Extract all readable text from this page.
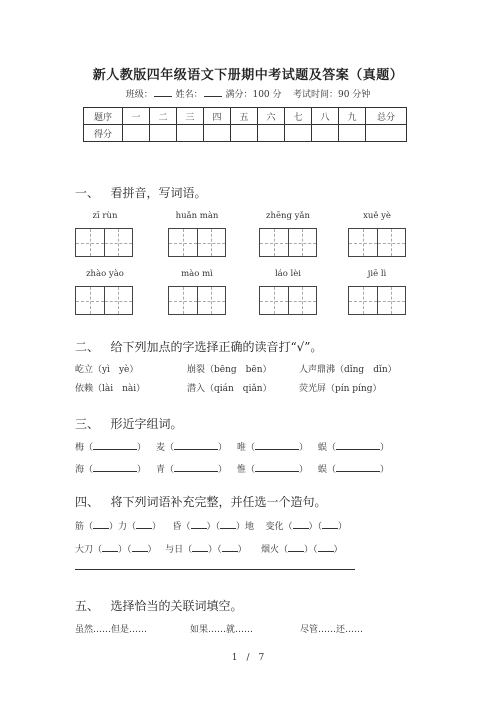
新人教版四年级语文下册期中考试题及答案（真题）
班级：	姓名：	满分：100 分 考试时间：90 分钟
题序	一	二	三	四	五	六	七	八	九	总分
得分										
一、 看拼音，写词语。
zī rùn	huǎn màn	zhēng yǎn	xuě yè
zhào yào	mào mì	láo lèi	jiē lì
二、 给下列加点的字选择正确的读音打“√”。
屹立（yì　yè）	崩裂（bēng　bēn）	人声鼎沸（dǐng　dǐn）
依赖（lài　nài）	潜入（qián　qiǎn）	荧光屏（pín píng）
三、 形近字组词。
梅（	） 麦（	） 唯（	） 蜈（	）
海（	） 青（	） 惟（	） 蜈（	）
四、 将下列词语补充完整，并任选一个造句。
筋（ ）力（ ） 昏（ ）（ ）地 变化（ ）（ ）
大刀（ ）（ ） 与日（ ）（ ） 烟火（ ）（ ）
五、 选择恰当的关联词填空。
虽然……但是……	如果……就……	尽管……还……
1　/　7
